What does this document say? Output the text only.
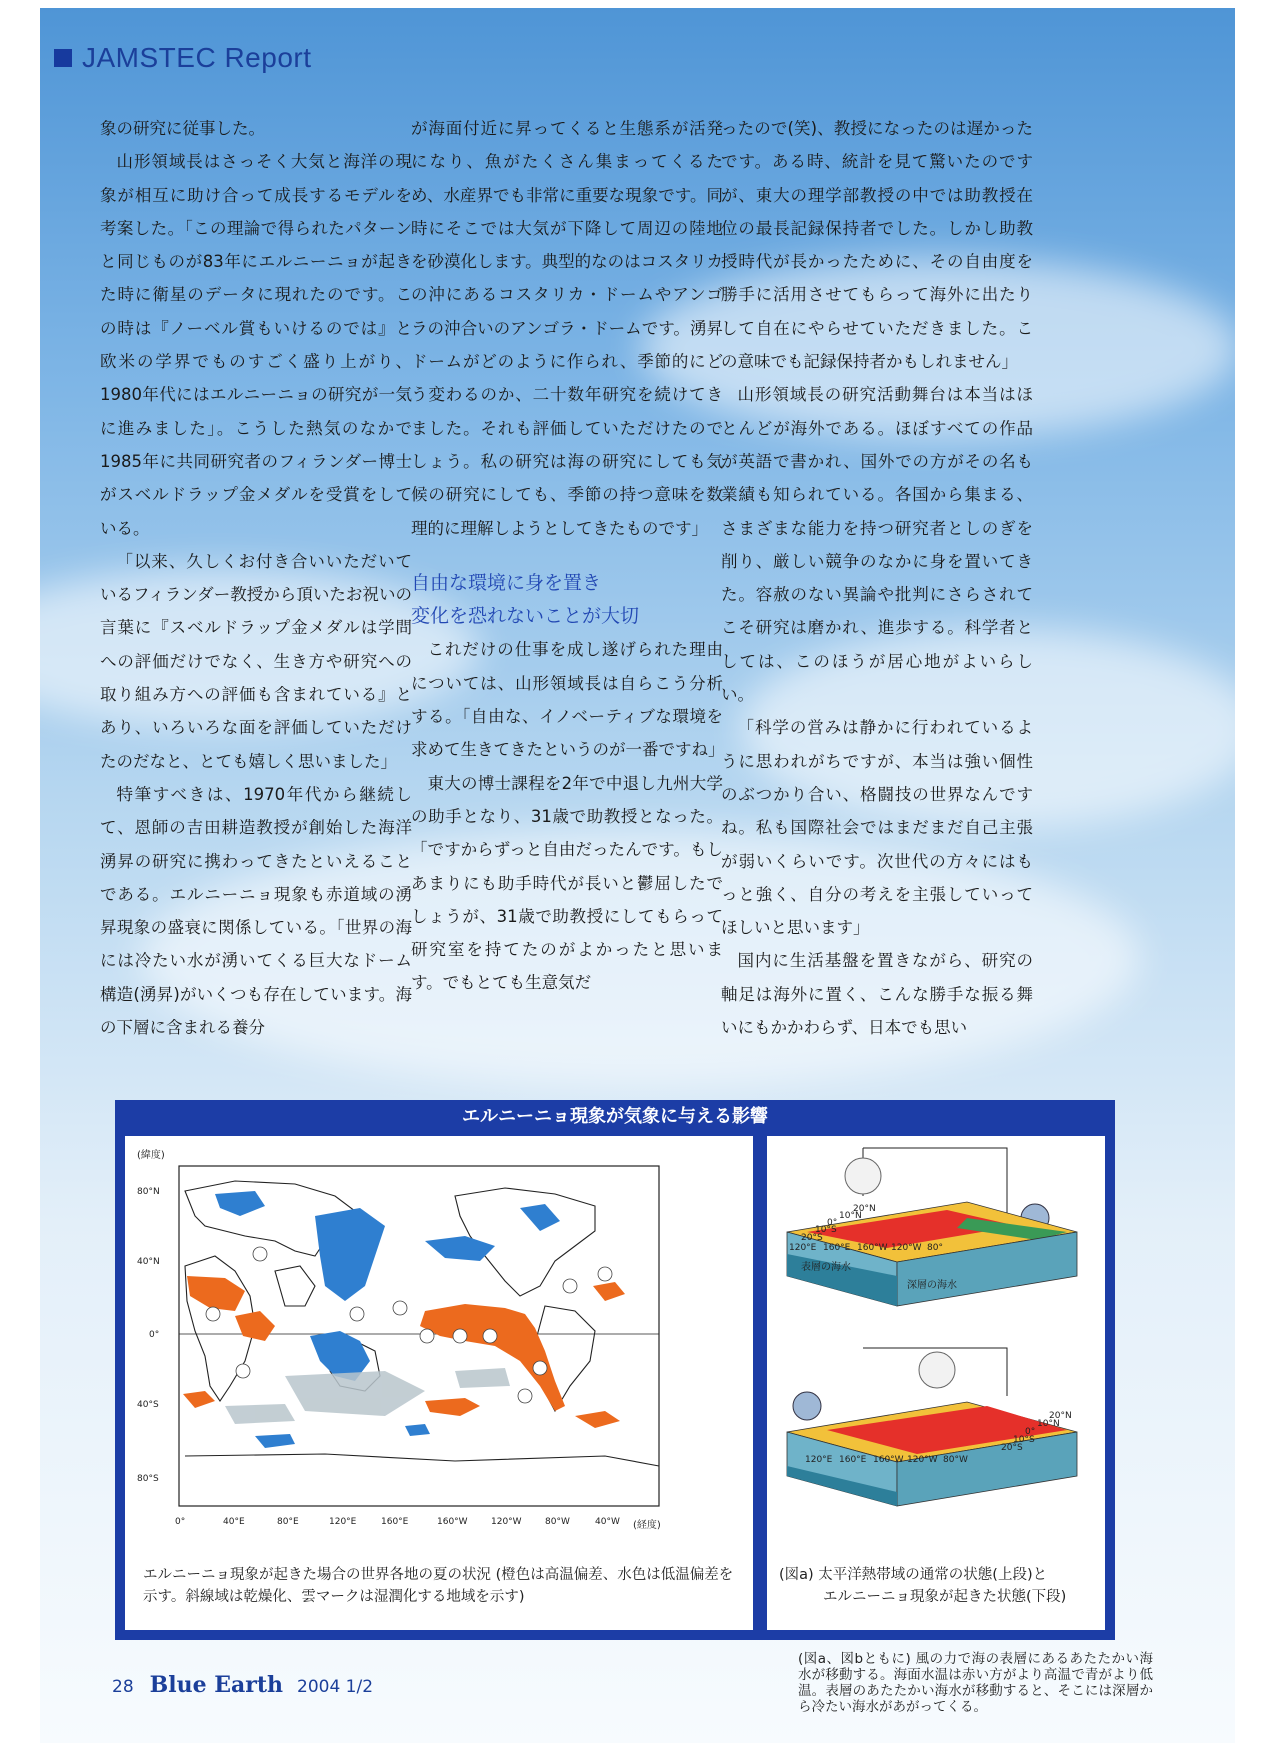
JAMSTEC Report

象の研究に従事した。

山形領域長はさっそく大気と海洋の現象が相互に助け合って成長するモデルを考案した。「この理論で得られたパターンと同じものが83年にエルニーニョが起きた時に衛星のデータに現れたのです。この時は『ノーベル賞もいけるのでは』と欧米の学界でものすごく盛り上がり、1980年代にはエルニーニョの研究が一気に進みました」。こうした熱気のなかで1985年に共同研究者のフィランダー博士がスベルドラップ金メダルを受賞をしている。

「以来、久しくお付き合いいただいているフィランダー教授から頂いたお祝いの言葉に『スベルドラップ金メダルは学問への評価だけでなく、生き方や研究への取り組み方への評価も含まれている』とあり、いろいろな面を評価していただけたのだなと、とても嬉しく思いました」

特筆すべきは、1970年代から継続して、恩師の吉田耕造教授が創始した海洋湧昇の研究に携わってきたといえることである。エルニーニョ現象も赤道域の湧昇現象の盛衰に関係している。「世界の海には冷たい水が湧いてくる巨大なドーム構造(湧昇)がいくつも存在しています。海の下層に含まれる養分

が海面付近に昇ってくると生態系が活発になり、魚がたくさん集まってくるため、水産界でも非常に重要な現象です。同時にそこでは大気が下降して周辺の陸地を砂漠化します。典型的なのはコスタリカの沖にあるコスタリカ・ドームやアンゴラの沖合いのアンゴラ・ドームです。湧昇ドームがどのように作られ、季節的にどう変わるのか、二十数年研究を続けてきました。それも評価していただけたのでしょう。私の研究は海の研究にしても気候の研究にしても、季節の持つ意味を数理的に理解しようとしてきたものです」

自由な環境に身を置き
変化を恐れないことが大切

これだけの仕事を成し遂げられた理由については、山形領域長は自らこう分析する。「自由な、イノベーティブな環境を求めて生きてきたというのが一番ですね」

東大の博士課程を2年で中退し九州大学の助手となり、31歳で助教授となった。「ですからずっと自由だったんです。もしあまりにも助手時代が長いと鬱屈したでしょうが、31歳で助教授にしてもらって研究室を持てたのがよかったと思います。でもとても生意気だ

ったので(笑)、教授になったのは遅かったです。ある時、統計を見て驚いたのですが、東大の理学部教授の中では助教授在位の最長記録保持者でした。しかし助教授時代が長かったために、その自由度を勝手に活用させてもらって海外に出たりして自在にやらせていただきました。この意味でも記録保持者かもしれません」

山形領域長の研究活動舞台は本当はほとんどが海外である。ほぼすべての作品が英語で書かれ、国外での方がその名も業績も知られている。各国から集まる、さまざまな能力を持つ研究者としのぎを削り、厳しい競争のなかに身を置いてきた。容赦のない異論や批判にさらされてこそ研究は磨かれ、進歩する。科学者としては、このほうが居心地がよいらしい。

「科学の営みは静かに行われているように思われがちですが、本当は強い個性のぶつかり合い、格闘技の世界なんですね。私も国際社会ではまだまだ自己主張が弱いくらいです。次世代の方々にはもっと強く、自分の考えを主張していってほしいと思います」

国内に生活基盤を置きながら、研究の軸足は海外に置く、こんな勝手な振る舞いにもかかわらず、日本でも思い

エルニーニョ現象が気象に与える影響
(緯度)
80°N
40°N
0°
40°S
80°S
0°	40°E	80°E	120°E	160°E	160°W	120°W	80°W	40°W (経度)
エルニーニョ現象が起きた場合の世界各地の夏の状況 (橙色は高温偏差、水色は低温偏差を示す。斜線域は乾燥化、雲マークは湿潤化する地域を示す)
20°S
10°S
0°
10°N
20°N
120°E 160°E 160°W 120°W 80°
表層の海水
深層の海水
20°N
10°N
0°
10°S
20°S
120°E 160°E 160°W 120°W 80°W
(図a) 太平洋熱帯域の通常の状態(上段)と
エルニーニョ現象が起きた状態(下段)
(図a、図bともに) 風の力で海の表層にあるあたたかい海水が移動する。海面水温は赤い方がより高温で青がより低温。表層のあたたかい海水が移動すると、そこには深層から冷たい海水があがってくる。
28 Blue Earth 2004 1/2
